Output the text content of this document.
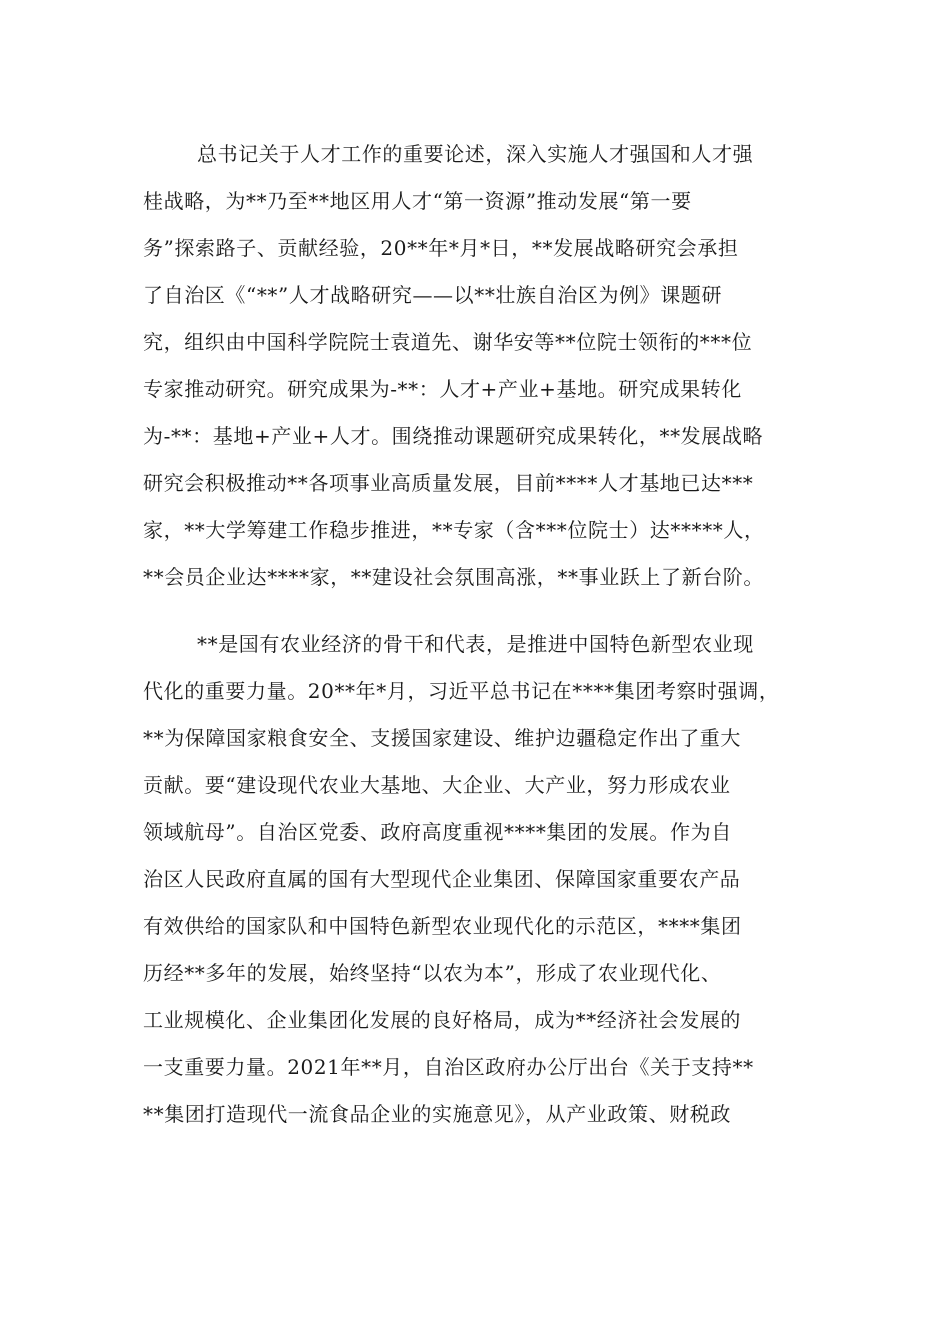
总书记关于人才工作的重要论述，深入实施人才强国和人才强
桂战略，为**乃至**地区用人才“第一资源”推动发展“第一要
务”探索路子、贡献经验，20**年*月*日，**发展战略研究会承担
了自治区《“**”人才战略研究——以**壮族自治区为例》课题研
究，组织由中国科学院院士袁道先、谢华安等**位院士领衔的***位
专家推动研究。研究成果为-**：人才+产业+基地。研究成果转化
为-**：基地+产业+人才。围绕推动课题研究成果转化，**发展战略
研究会积极推动**各项事业高质量发展，目前****人才基地已达***
家，**大学筹建工作稳步推进，**专家（含***位院士）达*****人，
**会员企业达****家，**建设社会氛围高涨，**事业跃上了新台阶。
**是国有农业经济的骨干和代表，是推进中国特色新型农业现
代化的重要力量。20**年*月，习近平总书记在****集团考察时强调，
**为保障国家粮食安全、支援国家建设、维护边疆稳定作出了重大
贡献。要“建设现代农业大基地、大企业、大产业，努力形成农业
领域航母”。自治区党委、政府高度重视****集团的发展。作为自
治区人民政府直属的国有大型现代企业集团、保障国家重要农产品
有效供给的国家队和中国特色新型农业现代化的示范区，****集团
历经**多年的发展，始终坚持“以农为本”，形成了农业现代化、
工业规模化、企业集团化发展的良好格局，成为**经济社会发展的
一支重要力量。2021年**月，自治区政府办公厅出台《关于支持**
**集团打造现代一流食品企业的实施意见》，从产业政策、财税政
